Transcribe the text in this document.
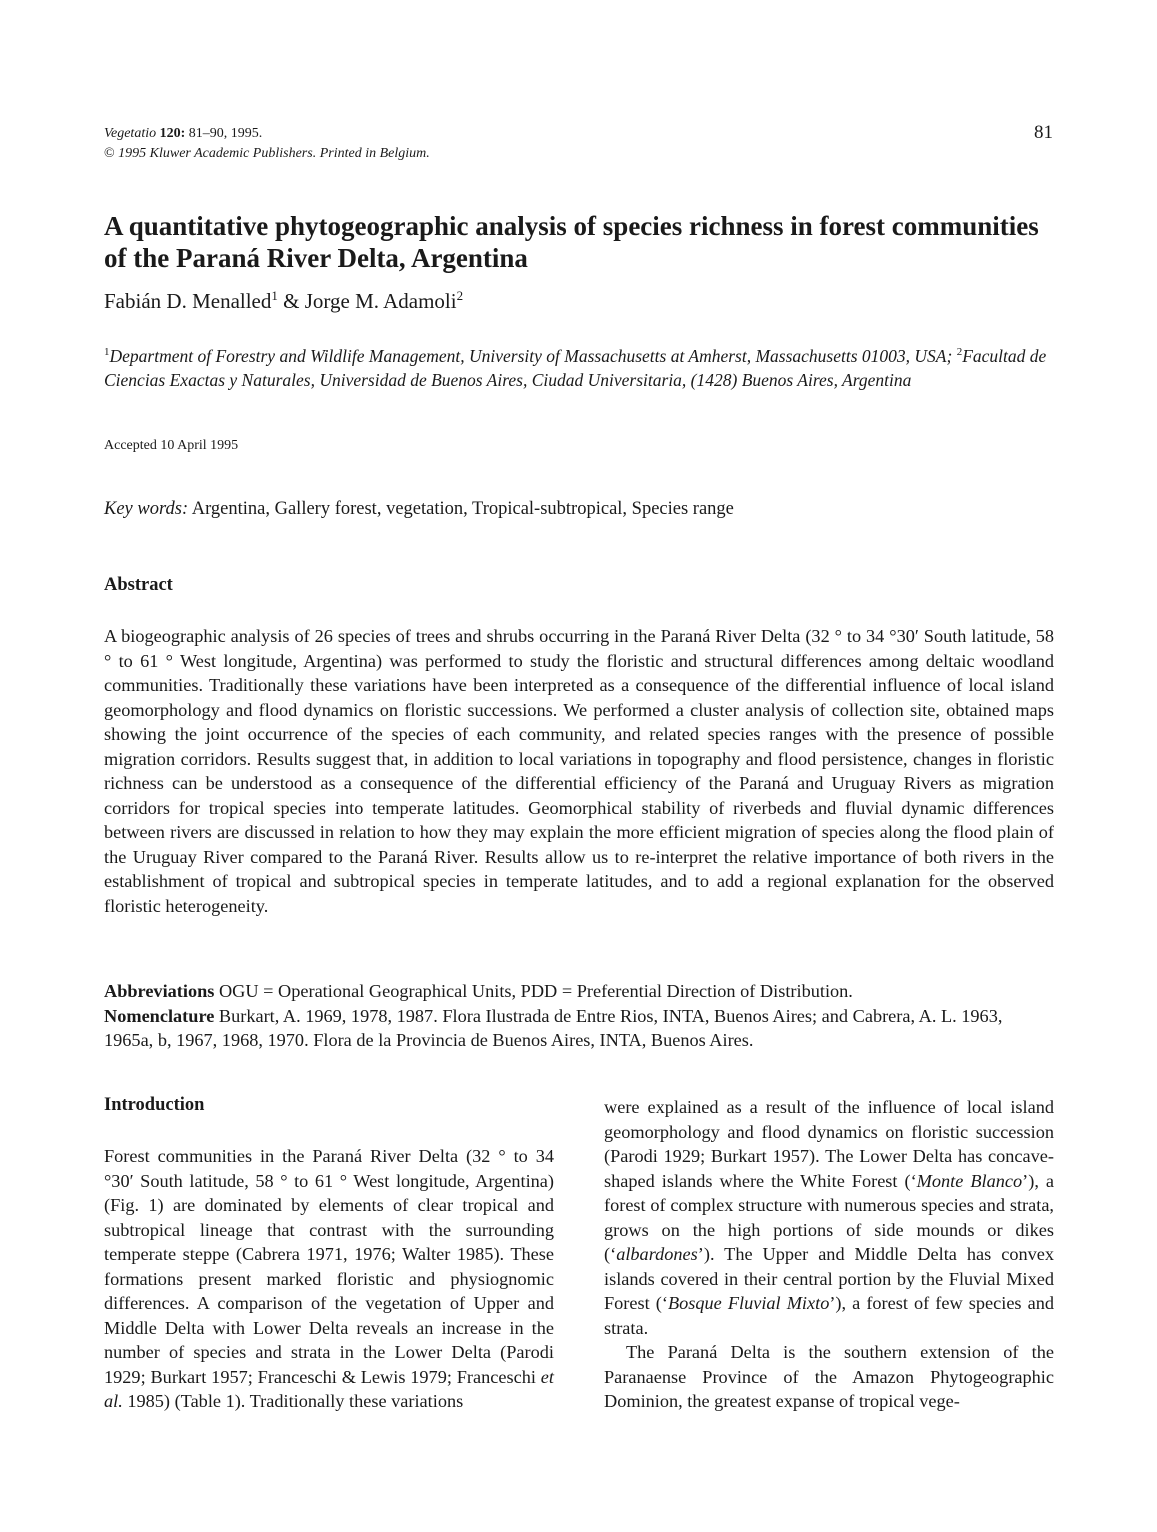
Vegetatio 120: 81–90, 1995.
© 1995 Kluwer Academic Publishers. Printed in Belgium.
81
A quantitative phytogeographic analysis of species richness in forest communities of the Paraná River Delta, Argentina
Fabián D. Menalled$^1$ & Jorge M. Adamoli$^2$
$^1$Department of Forestry and Wildlife Management, University of Massachusetts at Amherst, Massachusetts 01003, USA; $^2$Facultad de Ciencias Exactas y Naturales, Universidad de Buenos Aires, Ciudad Universitaria, (1428) Buenos Aires, Argentina
Accepted 10 April 1995
Key words: Argentina, Gallery forest, vegetation, Tropical-subtropical, Species range
Abstract
A biogeographic analysis of 26 species of trees and shrubs occurring in the Paraná River Delta (32 ° to 34 °30′ South latitude, 58 ° to 61 ° West longitude, Argentina) was performed to study the floristic and structural differences among deltaic woodland communities. Traditionally these variations have been interpreted as a consequence of the differential influence of local island geomorphology and flood dynamics on floristic successions. We performed a cluster analysis of collection site, obtained maps showing the joint occurrence of the species of each community, and related species ranges with the presence of possible migration corridors. Results suggest that, in addition to local variations in topography and flood persistence, changes in floristic richness can be understood as a consequence of the differential efficiency of the Paraná and Uruguay Rivers as migration corridors for tropical species into temperate latitudes. Geomorphical stability of riverbeds and fluvial dynamic differences between rivers are discussed in relation to how they may explain the more efficient migration of species along the flood plain of the Uruguay River compared to the Paraná River. Results allow us to re-interpret the relative importance of both rivers in the establishment of tropical and subtropical species in temperate latitudes, and to add a regional explanation for the observed floristic heterogeneity.
Abbreviations OGU = Operational Geographical Units, PDD = Preferential Direction of Distribution.
Nomenclature Burkart, A. 1969, 1978, 1987. Flora Ilustrada de Entre Rios, INTA, Buenos Aires; and Cabrera, A. L. 1963, 1965a, b, 1967, 1968, 1970. Flora de la Provincia de Buenos Aires, INTA, Buenos Aires.
Introduction

Forest communities in the Paraná River Delta (32 ° to 34 °30′ South latitude, 58 ° to 61 ° West longitude, Argentina) (Fig. 1) are dominated by elements of clear tropical and subtropical lineage that contrast with the surrounding temperate steppe (Cabrera 1971, 1976; Walter 1985). These formations present marked floristic and physiognomic differences. A comparison of the vegetation of Upper and Middle Delta with Lower Delta reveals an increase in the number of species and strata in the Lower Delta (Parodi 1929; Burkart 1957; Franceschi & Lewis 1979; Franceschi et al. 1985) (Table 1). Traditionally these variations

were explained as a result of the influence of local island geomorphology and flood dynamics on floristic succession (Parodi 1929; Burkart 1957). The Lower Delta has concave-shaped islands where the White Forest (‘Monte Blanco’), a forest of complex structure with numerous species and strata, grows on the high portions of side mounds or dikes (‘albardones’). The Upper and Middle Delta has convex islands covered in their central portion by the Fluvial Mixed Forest (‘Bosque Fluvial Mixto’), a forest of few species and strata.

The Paraná Delta is the southern extension of the Paranaense Province of the Amazon Phytogeographic Dominion, the greatest expanse of tropical vege-
